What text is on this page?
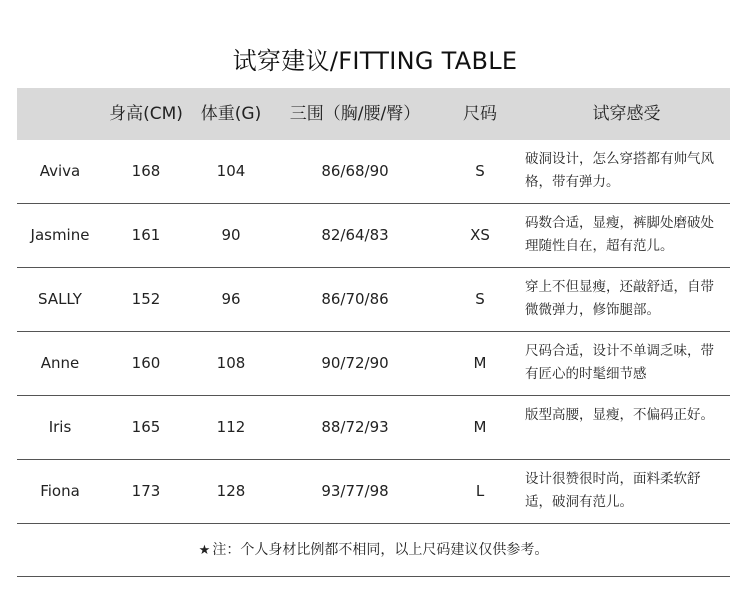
试穿建议/FITTING TABLE
身高(CM)	体重(G)	三围（胸/腰/臀）	尺码	试穿感受
Aviva	168	104	86/68/90	S
破洞设计，怎么穿搭都有帅气风格，带有弹力。
Jasmine	161	90	82/64/83	XS
码数合适，显瘦，裤脚处磨破处理随性自在，超有范儿。
SALLY	152	96	86/70/86	S
穿上不但显瘦，还敲舒适，自带微微弹力，修饰腿部。
Anne	160	108	90/72/90	M
尺码合适，设计不单调乏味，带有匠心的时髦细节感
Iris	165	112	88/72/93	M
版型高腰，显瘦，不偏码正好。
Fiona	173	128	93/77/98	L
设计很赞很时尚，面料柔软舒适，破洞有范儿。
★ 注：个人身材比例都不相同，以上尺码建议仅供参考。
